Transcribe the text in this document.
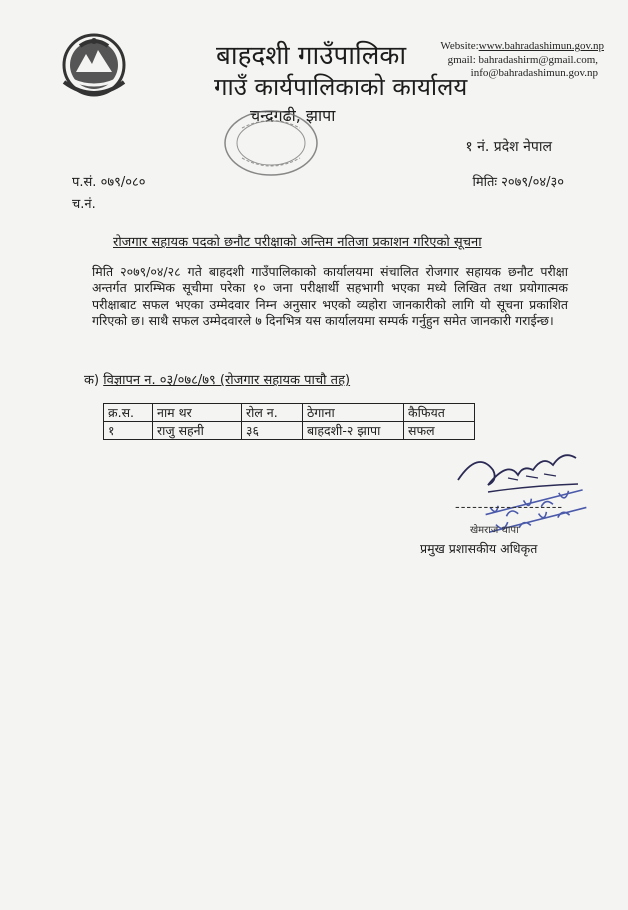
बाहदशी गाउँपालिका
गाउँ कार्यपालिकाको कार्यालय
चन्द्रगढी, झापा
Website:www.bahradashimun.gov.np
gmail: bahradashirm@gmail.com,
info@bahradashimun.gov.np
१ नं. प्रदेश नेपाल
प.सं. ०७९/०८०	मितिः २०७९/०४/३०
च.नं.
रोजगार सहायक पदको छनौट परीक्षाको अन्तिम नतिजा प्रकाशन गरिएको सूचना
मिति २०७९/०४/२८ गते बाहदशी गाउँपालिकाको कार्यालयमा संचालित रोजगार सहायक छनौट परीक्षा अन्तर्गत प्रारम्भिक सूचीमा परेका १० जना परीक्षार्थी सहभागी भएका मध्ये लिखित तथा प्रयोगात्मक परीक्षाबाट सफल भएका उम्मेदवार निम्न अनुसार भएको व्यहोरा जानकारीको लागि यो सूचना प्रकाशित गरिएको छ। साथै सफल उम्मेदवारले ७ दिनभित्र यस कार्यालयमा सम्पर्क गर्नुहुन समेत जानकारी गराईन्छ।
क) विज्ञापन न. ०३/०७८/७९ (रोजगार सहायक पाचौ तह)
क्र.स.	नाम थर	रोल न.	ठेगाना	कैफियत
१	राजु सहनी	३६	बाहदशी-२ झापा	सफल
-------------------
खेमराज थापा
प्रमुख प्रशासकीय अधिकृत
